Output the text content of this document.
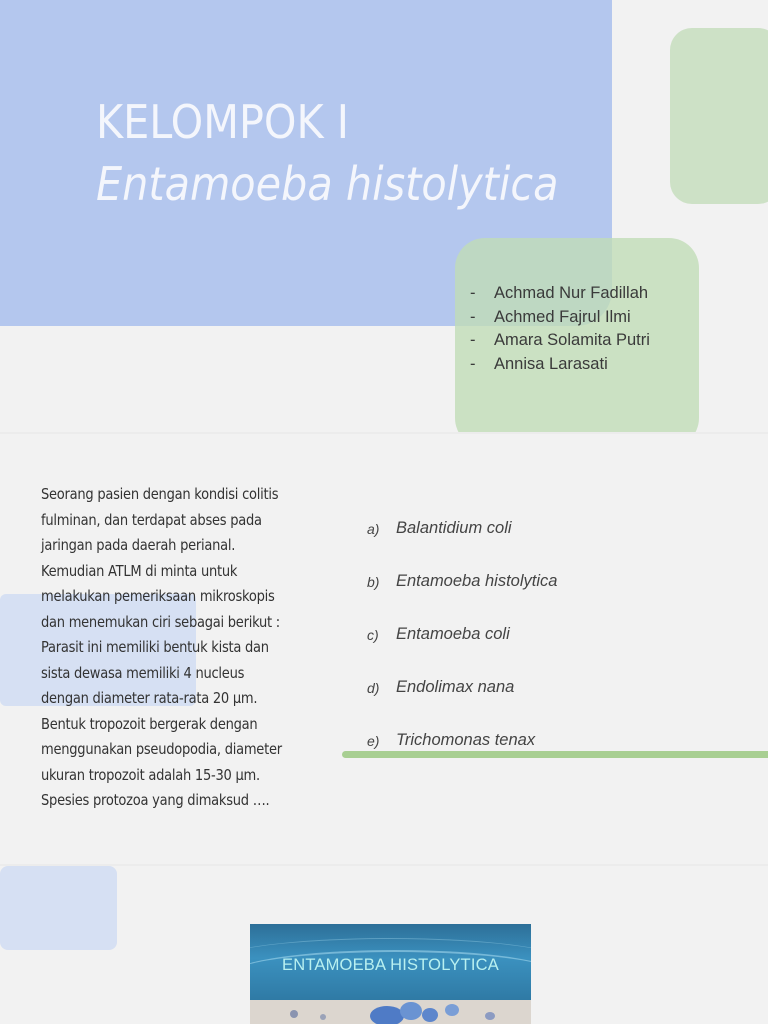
KELOMPOK I
Entamoeba histolytica
-	Achmad Nur Fadillah
-	Achmed Fajrul Ilmi
-	Amara Solamita Putri
-	Annisa Larasati
Seorang pasien dengan kondisi colitis
fulminan, dan terdapat abses pada
jaringan pada daerah perianal.
Kemudian ATLM di minta untuk
melakukan pemeriksaan mikroskopis
dan menemukan ciri sebagai berikut :
Parasit ini memiliki bentuk kista dan
sista dewasa memiliki 4 nucleus
dengan diameter rata-rata 20 μm.
Bentuk tropozoit bergerak dengan
menggunakan pseudopodia, diameter
ukuran tropozoit adalah 15-30 μm.
Spesies protozoa yang dimaksud ….
a)	Balantidium coli
b)	Entamoeba histolytica
c)	Entamoeba coli
d)	Endolimax nana
e)	Trichomonas tenax
ENTAMOEBA HISTOLYTICA
